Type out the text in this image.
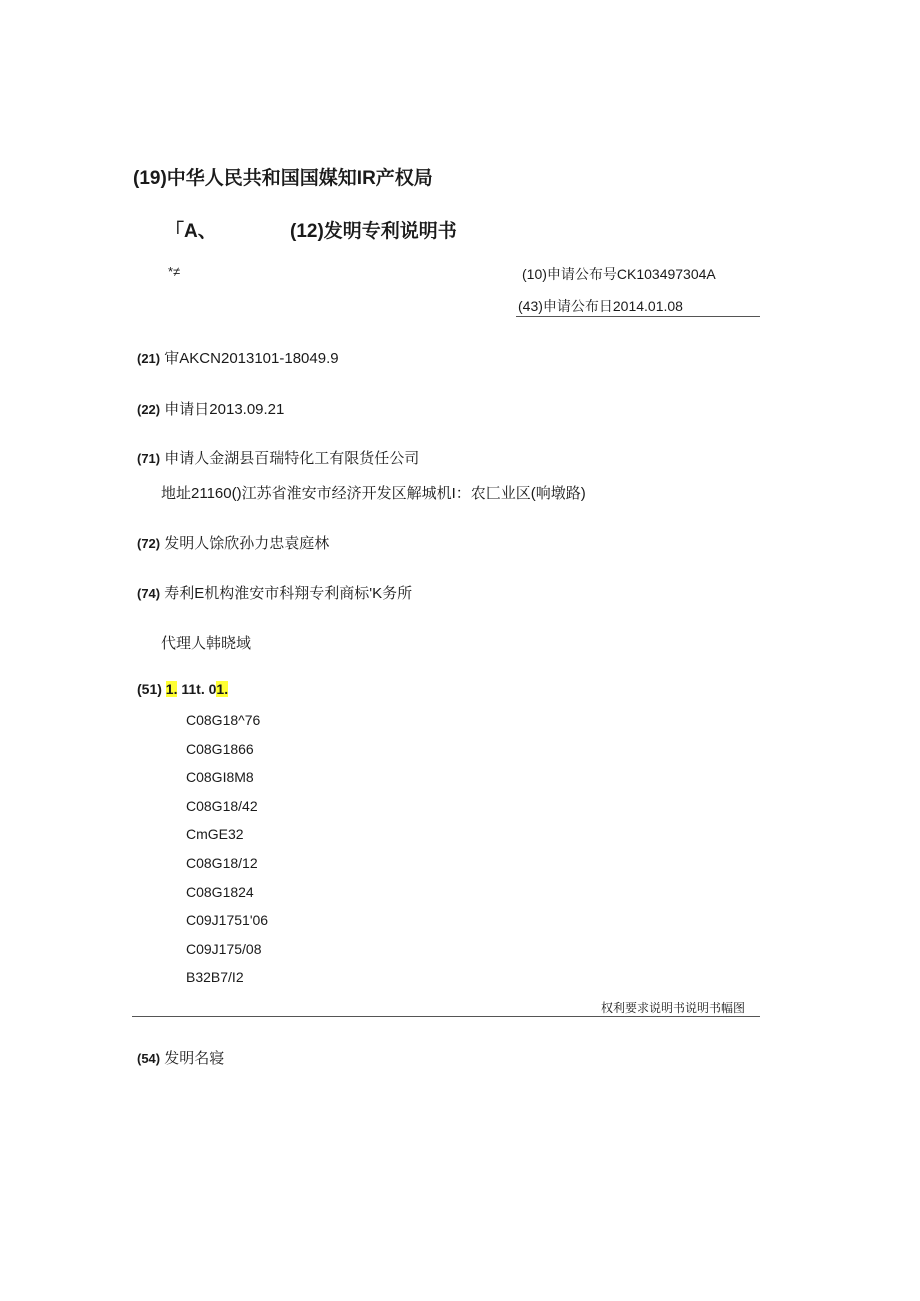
(19)中华人民共和国国媒知IR产权局
「A、	(12)发明专利说明书
*≠	(10)申请公布号CK103497304A
(43)申请公布日2014.01.08
(21) 审AKCN2013101-18049.9
(22) 申请日2013.09.21
(71) 申请人金湖县百瑞特化工有限货任公司
地址21160()江苏省淮安市经济开发区解城机I：农匚业区(响墩路)
(72) 发明人馀欣孙力忠袁庭林
(74) 寿利E机构淮安市科翔专利商标'K务所
代理人韩晓域
(51) 1. 11t. 01.
C08G18^76
C08G1866
C08GI8M8
C08G18/42
CmGE32
C08G18/12
C08G1824
C09J1751'06
C09J175/08
B32B7/I2
权利要求说明书说明书幅图
(54) 发明名寝
